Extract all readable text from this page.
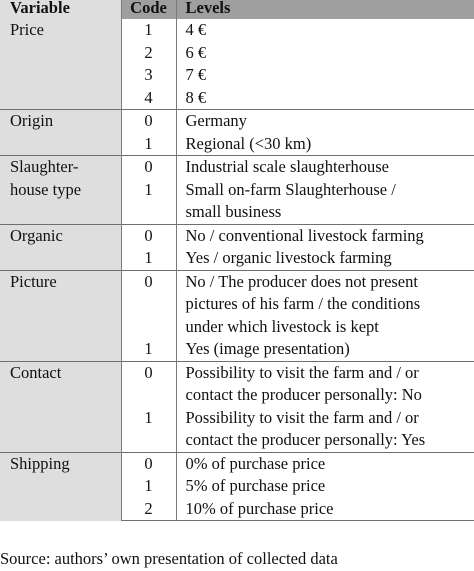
Variable	Code	Levels
Price	1	4 €
	2	6 €
	3	7 €
	4	8 €
Origin	0	Germany
	1	Regional (<30 km)
Slaughter-
house type	0	Industrial scale slaughterhouse
	1	Small on-farm Slaughterhouse /
small business
Organic	0	No / conventional livestock farming
	1	Yes / organic livestock farming
Picture	0	No / The producer does not present
pictures of his farm / the conditions
under which livestock is kept
	1	Yes (image presentation)
Contact	0	Possibility to visit the farm and / or
contact the producer personally: No
	1	Possibility to visit the farm and / or
contact the producer personally: Yes
Shipping	0	0% of purchase price
	1	5% of purchase price
	2	10% of purchase price
Source: authors’ own presentation of collected data
